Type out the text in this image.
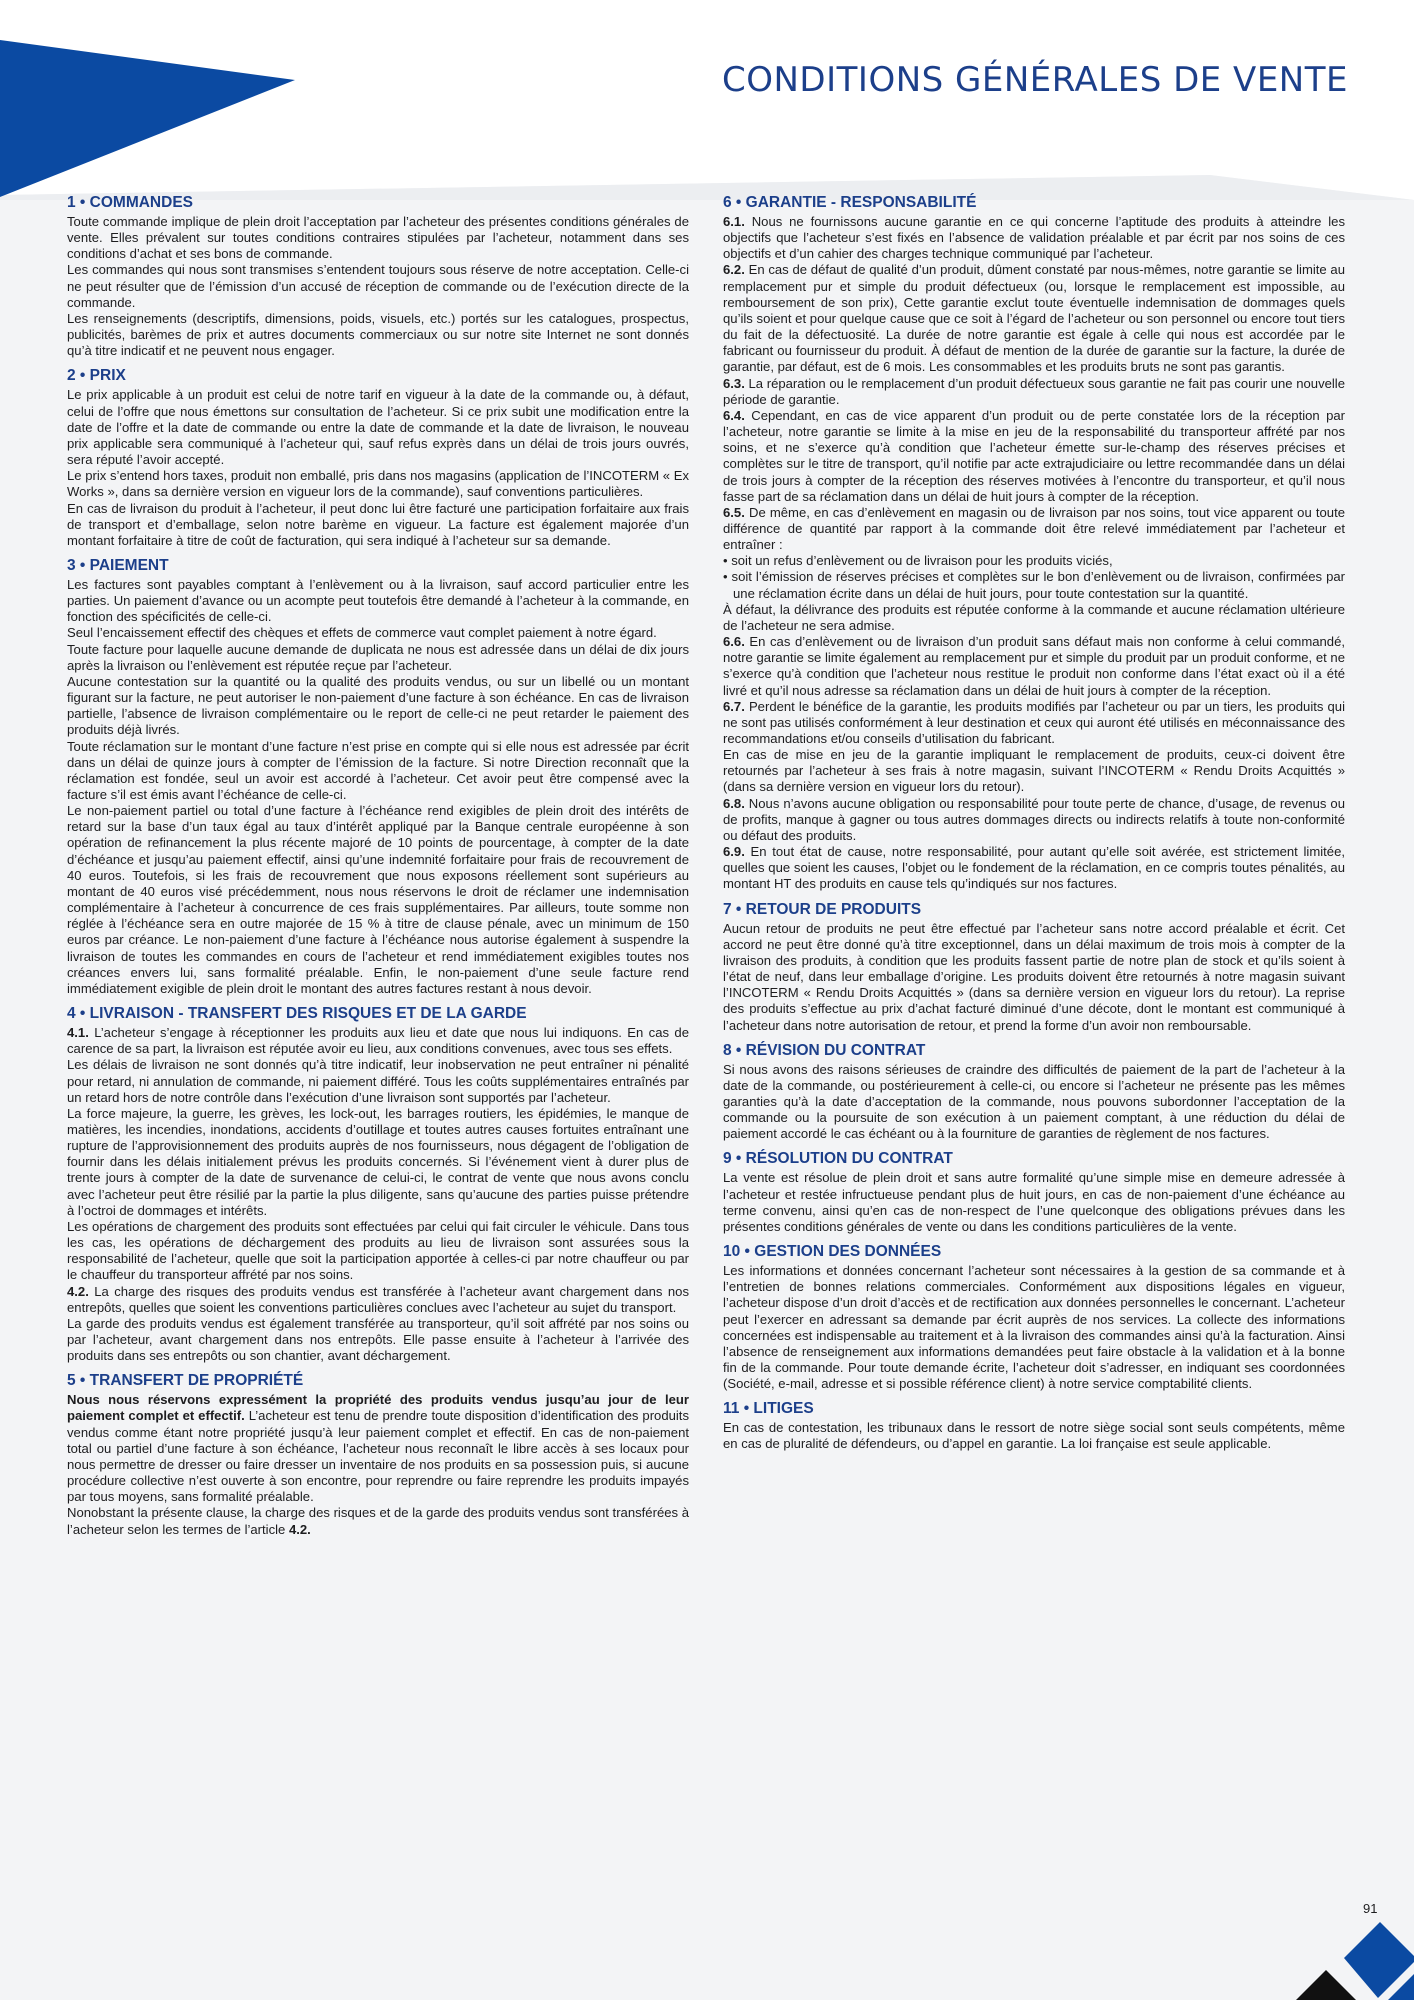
CONDITIONS GÉNÉRALES DE VENTE
1 • COMMANDES

Toute commande implique de plein droit l’acceptation par l’acheteur des présentes conditions générales de vente. Elles prévalent sur toutes conditions contraires stipulées par l’acheteur, notamment dans ses conditions d’achat et ses bons de commande.

Les commandes qui nous sont transmises s’entendent toujours sous réserve de notre acceptation. Celle-ci ne peut résulter que de l’émission d’un accusé de réception de commande ou de l’exécution directe de la commande.

Les renseignements (descriptifs, dimensions, poids, visuels, etc.) portés sur les catalogues, prospectus, publicités, barèmes de prix et autres documents commerciaux ou sur notre site Internet ne sont donnés qu’à titre indicatif et ne peuvent nous engager.

2 • PRIX

Le prix applicable à un produit est celui de notre tarif en vigueur à la date de la commande ou, à défaut, celui de l’offre que nous émettons sur consultation de l’acheteur. Si ce prix subit une modification entre la date de l’offre et la date de commande ou entre la date de commande et la date de livraison, le nouveau prix applicable sera communiqué à l’acheteur qui, sauf refus exprès dans un délai de trois jours ouvrés, sera réputé l’avoir accepté.

Le prix s’entend hors taxes, produit non emballé, pris dans nos magasins (application de l’INCOTERM « Ex Works », dans sa dernière version en vigueur lors de la commande), sauf conventions particulières.

En cas de livraison du produit à l’acheteur, il peut donc lui être facturé une participation forfaitaire aux frais de transport et d’emballage, selon notre barème en vigueur. La facture est également majorée d’un montant forfaitaire à titre de coût de facturation, qui sera indiqué à l’acheteur sur sa demande.

3 • PAIEMENT

Les factures sont payables comptant à l’enlèvement ou à la livraison, sauf accord particulier entre les parties. Un paiement d’avance ou un acompte peut toutefois être demandé à l’acheteur à la commande, en fonction des spécificités de celle-ci.

Seul l’encaissement effectif des chèques et effets de commerce vaut complet paiement à notre égard.

Toute facture pour laquelle aucune demande de duplicata ne nous est adressée dans un délai de dix jours après la livraison ou l’enlèvement est réputée reçue par l’acheteur.

Aucune contestation sur la quantité ou la qualité des produits vendus, ou sur un libellé ou un montant figurant sur la facture, ne peut autoriser le non-paiement d’une facture à son échéance. En cas de livraison partielle, l’absence de livraison complémentaire ou le report de celle-ci ne peut retarder le paiement des produits déjà livrés.

Toute réclamation sur le montant d’une facture n’est prise en compte qui si elle nous est adressée par écrit dans un délai de quinze jours à compter de l’émission de la facture. Si notre Direction reconnaît que la réclamation est fondée, seul un avoir est accordé à l’acheteur. Cet avoir peut être compensé avec la facture s’il est émis avant l’échéance de celle-ci.

Le non-paiement partiel ou total d’une facture à l’échéance rend exigibles de plein droit des intérêts de retard sur la base d’un taux égal au taux d’intérêt appliqué par la Banque centrale européenne à son opération de refinancement la plus récente majoré de 10 points de pourcentage, à compter de la date d’échéance et jusqu’au paiement effectif, ainsi qu’une indemnité forfaitaire pour frais de recouvrement de 40 euros. Toutefois, si les frais de recouvrement que nous exposons réellement sont supérieurs au montant de 40 euros visé précédemment, nous nous réservons le droit de réclamer une indemnisation complémentaire à l’acheteur à concurrence de ces frais supplémentaires. Par ailleurs, toute somme non réglée à l’échéance sera en outre majorée de 15 % à titre de clause pénale, avec un minimum de 150 euros par créance. Le non-paiement d’une facture à l’échéance nous autorise également à suspendre la livraison de toutes les commandes en cours de l’acheteur et rend immédiatement exigibles toutes nos créances envers lui, sans formalité préalable. Enfin, le non-paiement d’une seule facture rend immédiatement exigible de plein droit le montant des autres factures restant à nous devoir.

4 • LIVRAISON - TRANSFERT DES RISQUES ET DE LA GARDE

4.1. L’acheteur s’engage à réceptionner les produits aux lieu et date que nous lui indiquons. En cas de carence de sa part, la livraison est réputée avoir eu lieu, aux conditions convenues, avec tous ses effets.

Les délais de livraison ne sont donnés qu’à titre indicatif, leur inobservation ne peut entraîner ni pénalité pour retard, ni annulation de commande, ni paiement différé. Tous les coûts supplémentaires entraînés par un retard hors de notre contrôle dans l’exécution d’une livraison sont supportés par l’acheteur.

La force majeure, la guerre, les grèves, les lock-out, les barrages routiers, les épidémies, le manque de matières, les incendies, inondations, accidents d’outillage et toutes autres causes fortuites entraînant une rupture de l’approvisionnement des produits auprès de nos fournisseurs, nous dégagent de l’obligation de fournir dans les délais initialement prévus les produits concernés. Si l’événement vient à durer plus de trente jours à compter de la date de survenance de celui-ci, le contrat de vente que nous avons conclu avec l’acheteur peut être résilié par la partie la plus diligente, sans qu’aucune des parties puisse prétendre à l’octroi de dommages et intérêts.

Les opérations de chargement des produits sont effectuées par celui qui fait circuler le véhicule. Dans tous les cas, les opérations de déchargement des produits au lieu de livraison sont assurées sous la responsabilité de l’acheteur, quelle que soit la participation apportée à celles-ci par notre chauffeur ou par le chauffeur du transporteur affrété par nos soins.

4.2. La charge des risques des produits vendus est transférée à l’acheteur avant chargement dans nos entrepôts, quelles que soient les conventions particulières conclues avec l’acheteur au sujet du transport.

La garde des produits vendus est également transférée au transporteur, qu’il soit affrété par nos soins ou par l’acheteur, avant chargement dans nos entrepôts. Elle passe ensuite à l’acheteur à l’arrivée des produits dans ses entrepôts ou son chantier, avant déchargement.

5 • TRANSFERT DE PROPRIÉTÉ

Nous nous réservons expressément la propriété des produits vendus jusqu’au jour de leur paiement complet et effectif. L’acheteur est tenu de prendre toute disposition d’identification des produits vendus comme étant notre propriété jusqu’à leur paiement complet et effectif. En cas de non-paiement total ou partiel d’une facture à son échéance, l’acheteur nous reconnaît le libre accès à ses locaux pour nous permettre de dresser ou faire dresser un inventaire de nos produits en sa possession puis, si aucune procédure collective n’est ouverte à son encontre, pour reprendre ou faire reprendre les produits impayés par tous moyens, sans formalité préalable.

Nonobstant la présente clause, la charge des risques et de la garde des produits vendus sont transférées à l’acheteur selon les termes de l’article 4.2.

6 • GARANTIE - RESPONSABILITÉ

6.1. Nous ne fournissons aucune garantie en ce qui concerne l’aptitude des produits à atteindre les objectifs que l’acheteur s’est fixés en l’absence de validation préalable et par écrit par nos soins de ces objectifs et d’un cahier des charges technique communiqué par l’acheteur.

6.2. En cas de défaut de qualité d’un produit, dûment constaté par nous-mêmes, notre garantie se limite au remplacement pur et simple du produit défectueux (ou, lorsque le remplacement est impossible, au remboursement de son prix), Cette garantie exclut toute éventuelle indemnisation de dommages quels qu’ils soient et pour quelque cause que ce soit à l’égard de l’acheteur ou son personnel ou encore tout tiers du fait de la défectuosité. La durée de notre garantie est égale à celle qui nous est accordée par le fabricant ou fournisseur du produit. À défaut de mention de la durée de garantie sur la facture, la durée de garantie, par défaut, est de 6 mois. Les consommables et les produits bruts ne sont pas garantis.

6.3. La réparation ou le remplacement d’un produit défectueux sous garantie ne fait pas courir une nouvelle période de garantie.

6.4. Cependant, en cas de vice apparent d’un produit ou de perte constatée lors de la réception par l’acheteur, notre garantie se limite à la mise en jeu de la responsabilité du transporteur affrété par nos soins, et ne s’exerce qu’à condition que l’acheteur émette sur-le-champ des réserves précises et complètes sur le titre de transport, qu’il notifie par acte extrajudiciaire ou lettre recommandée dans un délai de trois jours à compter de la réception des réserves motivées à l’encontre du transporteur, et qu’il nous fasse part de sa réclamation dans un délai de huit jours à compter de la réception.

6.5. De même, en cas d’enlèvement en magasin ou de livraison par nos soins, tout vice apparent ou toute différence de quantité par rapport à la commande doit être relevé immédiatement par l’acheteur et entraîner :

• soit un refus d’enlèvement ou de livraison pour les produits viciés,
• soit l’émission de réserves précises et complètes sur le bon d’enlèvement ou de livraison, confirmées par une réclamation écrite dans un délai de huit jours, pour toute contestation sur la quantité.

À défaut, la délivrance des produits est réputée conforme à la commande et aucune réclamation ultérieure de l’acheteur ne sera admise.

6.6. En cas d’enlèvement ou de livraison d’un produit sans défaut mais non conforme à celui commandé, notre garantie se limite également au remplacement pur et simple du produit par un produit conforme, et ne s’exerce qu’à condition que l’acheteur nous restitue le produit non conforme dans l’état exact où il a été livré et qu’il nous adresse sa réclamation dans un délai de huit jours à compter de la réception.

6.7. Perdent le bénéfice de la garantie, les produits modifiés par l’acheteur ou par un tiers, les produits qui ne sont pas utilisés conformément à leur destination et ceux qui auront été utilisés en méconnaissance des recommandations et/ou conseils d’utilisation du fabricant.

En cas de mise en jeu de la garantie impliquant le remplacement de produits, ceux-ci doivent être retournés par l’acheteur à ses frais à notre magasin, suivant l’INCOTERM « Rendu Droits Acquittés » (dans sa dernière version en vigueur lors du retour).

6.8. Nous n’avons aucune obligation ou responsabilité pour toute perte de chance, d’usage, de revenus ou de profits, manque à gagner ou tous autres dommages directs ou indirects relatifs à toute non-conformité ou défaut des produits.

6.9. En tout état de cause, notre responsabilité, pour autant qu’elle soit avérée, est strictement limitée, quelles que soient les causes, l’objet ou le fondement de la réclamation, en ce compris toutes pénalités, au montant HT des produits en cause tels qu’indiqués sur nos factures.

7 • RETOUR DE PRODUITS

Aucun retour de produits ne peut être effectué par l’acheteur sans notre accord préalable et écrit. Cet accord ne peut être donné qu’à titre exceptionnel, dans un délai maximum de trois mois à compter de la livraison des produits, à condition que les produits fassent partie de notre plan de stock et qu’ils soient à l’état de neuf, dans leur emballage d’origine. Les produits doivent être retournés à notre magasin suivant l’INCOTERM « Rendu Droits Acquittés » (dans sa dernière version en vigueur lors du retour). La reprise des produits s’effectue au prix d’achat facturé diminué d’une décote, dont le montant est communiqué à l’acheteur dans notre autorisation de retour, et prend la forme d’un avoir non remboursable.

8 • RÉVISION DU CONTRAT

Si nous avons des raisons sérieuses de craindre des difficultés de paiement de la part de l’acheteur à la date de la commande, ou postérieurement à celle-ci, ou encore si l’acheteur ne présente pas les mêmes garanties qu’à la date d’acceptation de la commande, nous pouvons subordonner l’acceptation de la commande ou la poursuite de son exécution à un paiement comptant, à une réduction du délai de paiement accordé le cas échéant ou à la fourniture de garanties de règlement de nos factures.

9 • RÉSOLUTION DU CONTRAT

La vente est résolue de plein droit et sans autre formalité qu’une simple mise en demeure adressée à l’acheteur et restée infructueuse pendant plus de huit jours, en cas de non-paiement d’une échéance au terme convenu, ainsi qu’en cas de non-respect de l’une quelconque des obligations prévues dans les présentes conditions générales de vente ou dans les conditions particulières de la vente.

10 • GESTION DES DONNÉES

Les informations et données concernant l’acheteur sont nécessaires à la gestion de sa commande et à l’entretien de bonnes relations commerciales. Conformément aux dispositions légales en vigueur, l’acheteur dispose d’un droit d’accès et de rectification aux données personnelles le concernant. L’acheteur peut l’exercer en adressant sa demande par écrit auprès de nos services. La collecte des informations concernées est indispensable au traitement et à la livraison des commandes ainsi qu’à la facturation. Ainsi l’absence de renseignement aux informations demandées peut faire obstacle à la validation et à la bonne fin de la commande. Pour toute demande écrite, l’acheteur doit s’adresser, en indiquant ses coordonnées (Société, e-mail, adresse et si possible référence client) à notre service comptabilité clients.

11 • LITIGES

En cas de contestation, les tribunaux dans le ressort de notre siège social sont seuls compétents, même en cas de pluralité de défendeurs, ou d’appel en garantie. La loi française est seule applicable.

91
